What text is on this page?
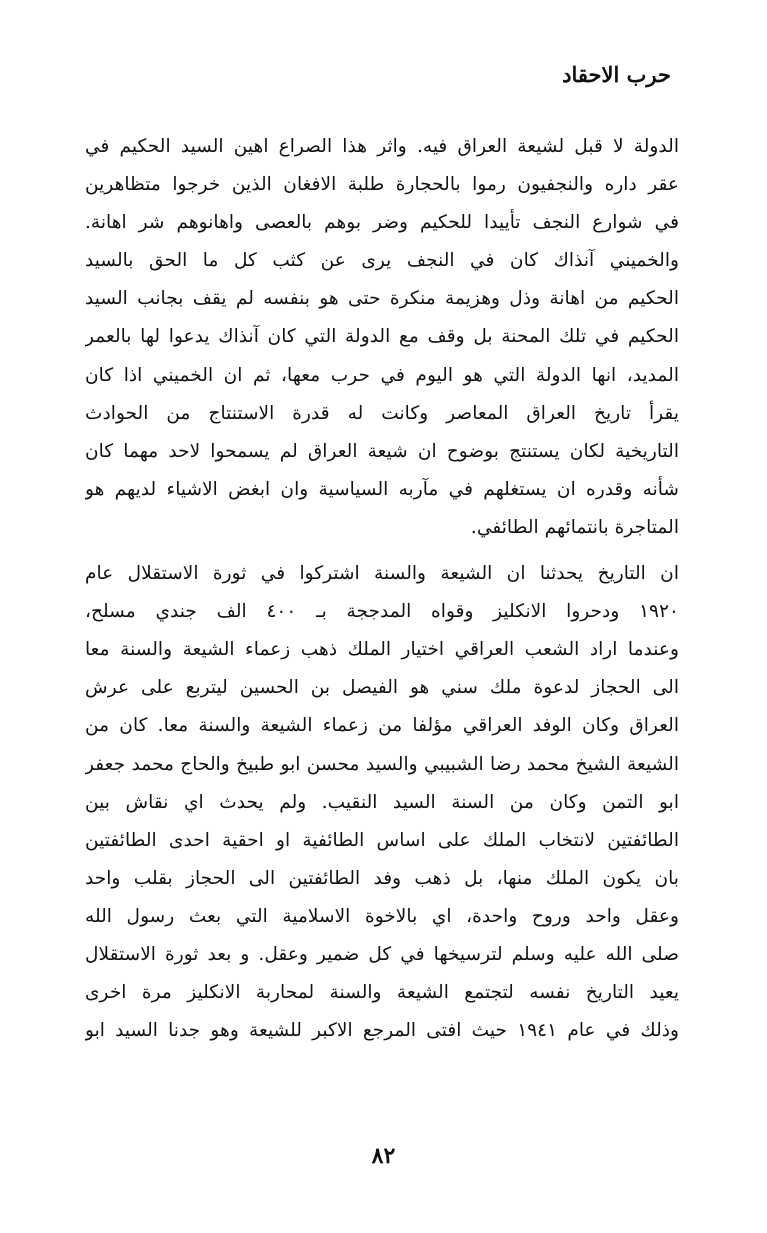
حرب الاحقاد
الدولة لا قبل لشيعة العراق فيه. واثر هذا الصراع اهين السيد الحكيم في
عقر داره والنجفيون رموا بالحجارة طلبة الافغان الذين خرجوا متظاهرين
في شوارع النجف تأييدا للحكيم وضر بوهم بالعصى واهانوهم شر اهانة.
والخميني آنذاك كان في النجف يرى عن كثب كل ما الحق بالسيد
الحكيم من اهانة وذل وهزيمة منكرة حتى هو بنفسه لم يقف بجانب السيد
الحكيم في تلك المحنة بل وقف مع الدولة التي كان آنذاك يدعوا لها بالعمر
المديد، انها الدولة التي هو اليوم في حرب معها، ثم ان الخميني اذا كان
يقرأ تاريخ العراق المعاصر وكانت له قدرة الاستنتاج من الحوادث
التاريخية لكان يستنتج بوضوح ان شيعة العراق لم يسمحوا لاحد مهما كان
شأنه وقدره ان يستغلهم في مآربه السياسية وان ابغض الاشياء لديهم هو
المتاجرة بانتمائهم الطائفي.
ان التاريخ يحدثنا ان الشيعة والسنة اشتركوا في ثورة الاستقلال عام
١٩٢٠ ودحروا الانكليز وقواه المدججة بـ ٤٠٠ الف جندي مسلح،
وعندما اراد الشعب العراقي اختيار الملك ذهب زعماء الشيعة والسنة معا
الى الحجاز لدعوة ملك سني هو الفيصل بن الحسين ليتربع على عرش
العراق وكان الوفد العراقي مؤلفا من زعماء الشيعة والسنة معا. كان من
الشيعة الشيخ محمد رضا الشبيبي والسيد محسن ابو طبيخ والحاج محمد جعفر
ابو التمن وكان من السنة السيد النقيب. ولم يحدث اي نقاش بين
الطائفتين لانتخاب الملك على اساس الطائفية او احقية احدى الطائفتين
بان يكون الملك منها، بل ذهب وفد الطائفتين الى الحجاز بقلب واحد
وعقل واحد وروح واحدة، اي بالاخوة الاسلامية التي بعث رسول الله
صلى الله عليه وسلم لترسيخها في كل ضمير وعقل. و بعد ثورة الاستقلال
يعيد التاريخ نفسه لتجتمع الشيعة والسنة لمحاربة الانكليز مرة اخرى
وذلك في عام ١٩٤١ حيث افتى المرجع الاكبر للشيعة وهو جدنا السيد ابو
٨٢
